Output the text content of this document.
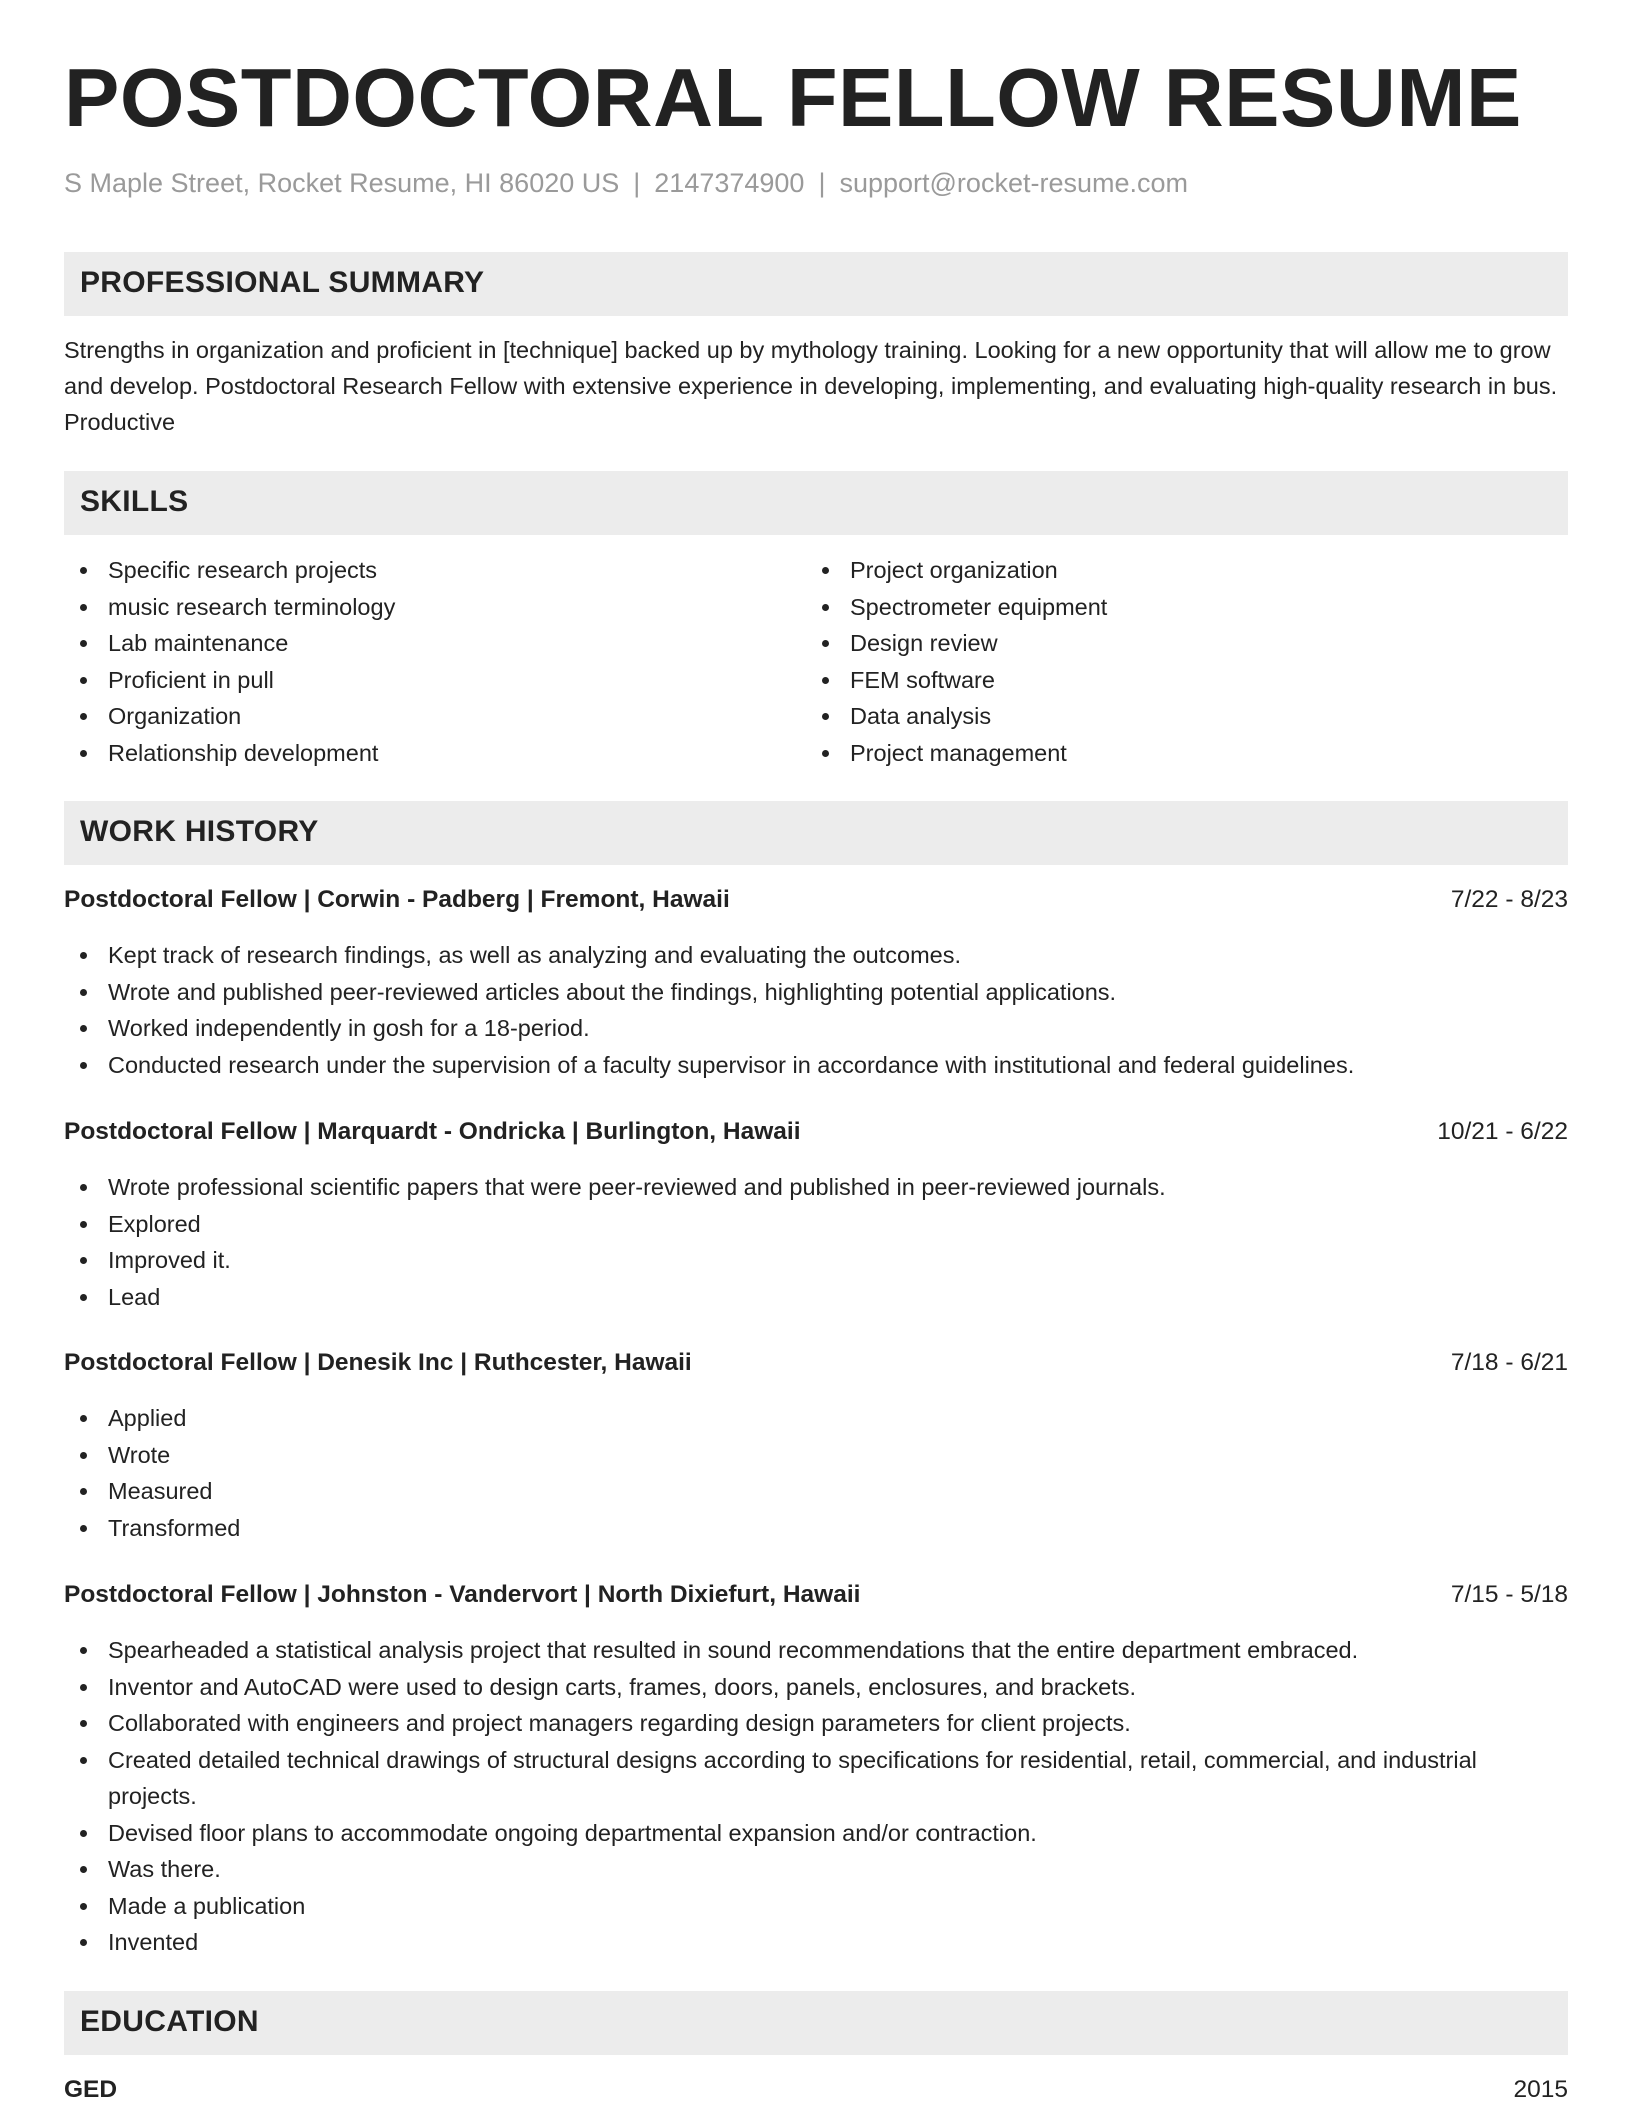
POSTDOCTORAL FELLOW RESUME
S Maple Street, Rocket Resume, HI 86020 US | 2147374900 | support@rocket-resume.com
PROFESSIONAL SUMMARY
Strengths in organization and proficient in [technique] backed up by mythology training. Looking for a new opportunity that will allow me to grow and develop. Postdoctoral Research Fellow with extensive experience in developing, implementing, and evaluating high-quality research in bus. Productive
SKILLS
Specific research projects
music research terminology
Lab maintenance
Proficient in pull
Organization
Relationship development
Project organization
Spectrometer equipment
Design review
FEM software
Data analysis
Project management
WORK HISTORY
Postdoctoral Fellow | Corwin - Padberg | Fremont, Hawaii	7/22 - 8/23
Kept track of research findings, as well as analyzing and evaluating the outcomes.
Wrote and published peer-reviewed articles about the findings, highlighting potential applications.
Worked independently in gosh for a 18-period.
Conducted research under the supervision of a faculty supervisor in accordance with institutional and federal guidelines.
Postdoctoral Fellow | Marquardt - Ondricka | Burlington, Hawaii	10/21 - 6/22
Wrote professional scientific papers that were peer-reviewed and published in peer-reviewed journals.
Explored
Improved it.
Lead
Postdoctoral Fellow | Denesik Inc | Ruthcester, Hawaii	7/18 - 6/21
Applied
Wrote
Measured
Transformed
Postdoctoral Fellow | Johnston - Vandervort | North Dixiefurt, Hawaii	7/15 - 5/18
Spearheaded a statistical analysis project that resulted in sound recommendations that the entire department embraced.
Inventor and AutoCAD were used to design carts, frames, doors, panels, enclosures, and brackets.
Collaborated with engineers and project managers regarding design parameters for client projects.
Created detailed technical drawings of structural designs according to specifications for residential, retail, commercial, and industrial projects.
Devised floor plans to accommodate ongoing departmental expansion and/or contraction.
Was there.
Made a publication
Invented
EDUCATION
GED	2015
